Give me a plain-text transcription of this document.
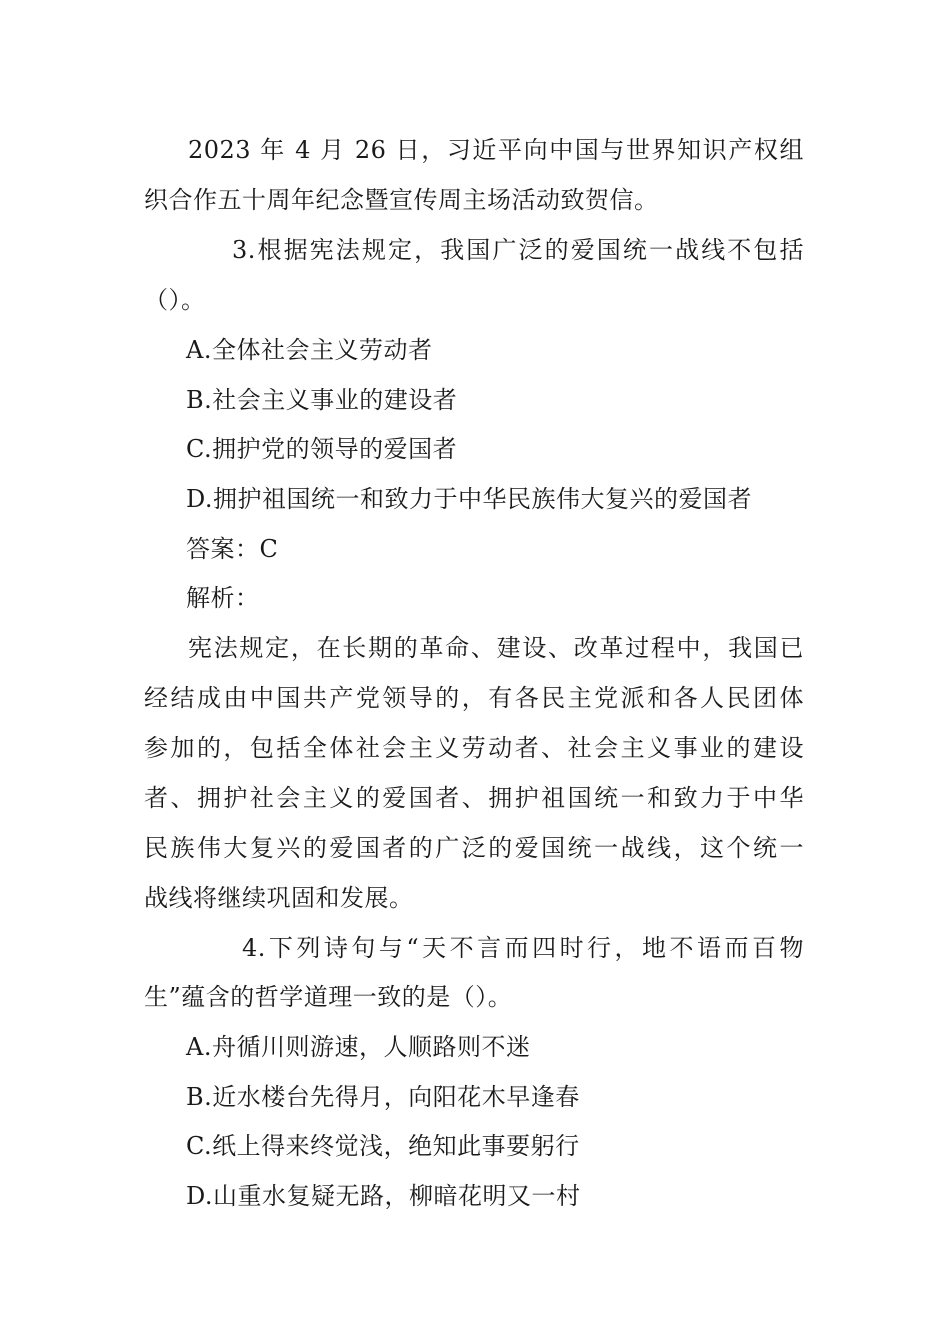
2023 年 4 月 26 日，习近平向中国与世界知识产权组
织合作五十周年纪念暨宣传周主场活动致贺信。
3.根据宪法规定，我国广泛的爱国统一战线不包括
（）。
A.全体社会主义劳动者
B.社会主义事业的建设者
C.拥护党的领导的爱国者
D.拥护祖国统一和致力于中华民族伟大复兴的爱国者
答案：C
解析：
宪法规定，在长期的革命、建设、改革过程中，我国已
经结成由中国共产党领导的，有各民主党派和各人民团体
参加的，包括全体社会主义劳动者、社会主义事业的建设
者、拥护社会主义的爱国者、拥护祖国统一和致力于中华
民族伟大复兴的爱国者的广泛的爱国统一战线，这个统一
战线将继续巩固和发展。
4.下列诗句与“天不言而四时行，地不语而百物
生”蕴含的哲学道理一致的是（）。
A.舟循川则游速，人顺路则不迷
B.近水楼台先得月，向阳花木早逢春
C.纸上得来终觉浅，绝知此事要躬行
D.山重水复疑无路，柳暗花明又一村
